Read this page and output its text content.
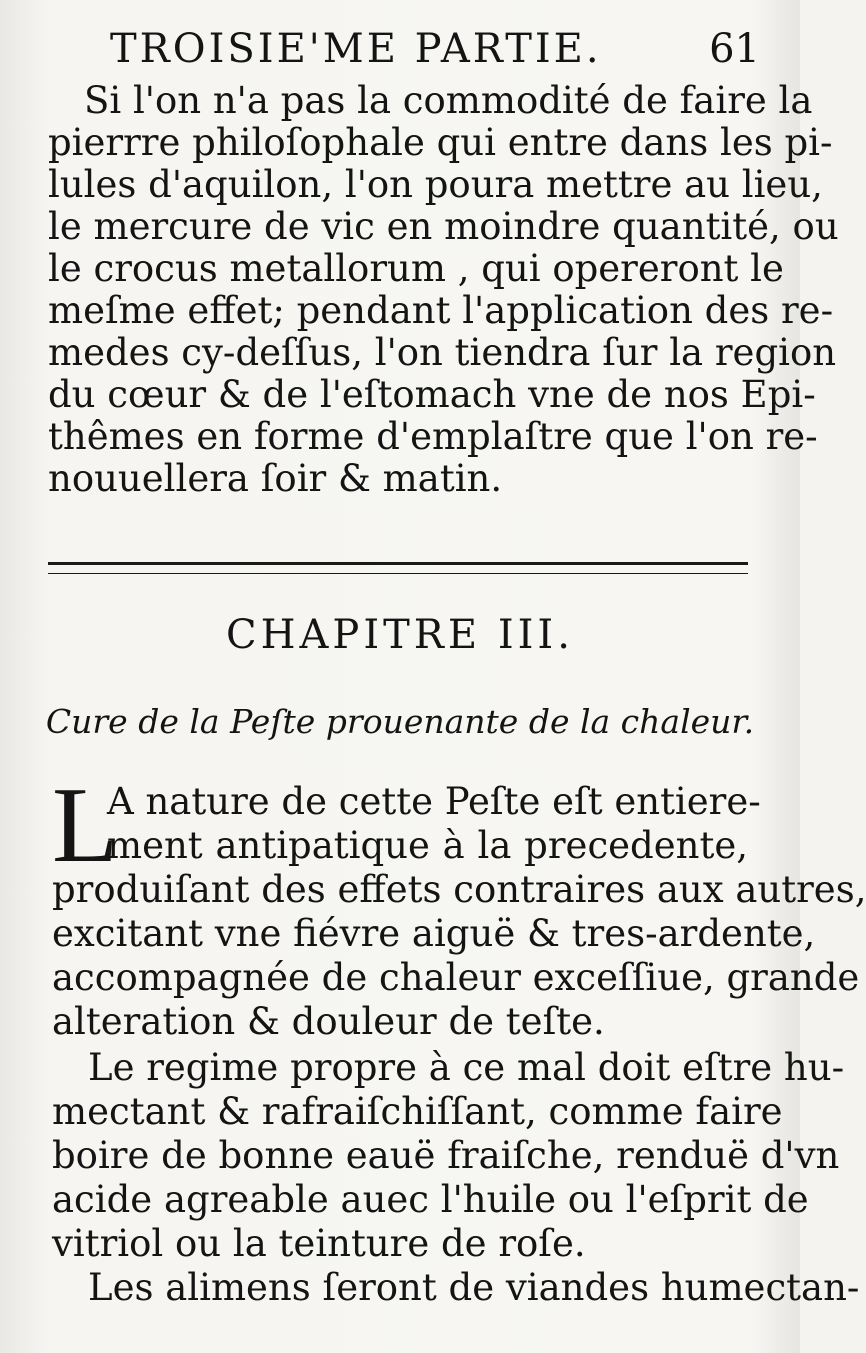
TROISIE'ME PARTIE.	61
Si l'on n'a pas la commodité de faire la
pierrre philoſophale qui entre dans les pi-
lules d'aquilon, l'on poura mettre au lieu,
le mercure de vic en moindre quantité, ou
le crocus metallorum , qui opereront le
meſme effet; pendant l'application des re-
medes cy-deſſus, l'on tiendra ſur la region
du cœur & de l'eſtomach vne de nos Epi-
thêmes en forme d'emplaſtre que l'on re-
nouuellera ſoir & matin.
CHAPITRE III.
Cure de la Peſte prouenante de la chaleur.
L
A nature de cette Peſte eſt entiere-
ment antipatique à la precedente,
produiſant des effets contraires aux autres,
excitant vne fiévre aiguë & tres-ardente,
accompagnée de chaleur exceſſiue, grande
alteration & douleur de teſte.
Le regime propre à ce mal doit eſtre hu-
mectant & rafraiſchiſſant, comme faire
boire de bonne eauë fraiſche, renduë d'vn
acide agreable auec l'huile ou l'eſprit de
vitriol ou la teinture de roſe.
Les alimens ſeront de viandes humectan-
